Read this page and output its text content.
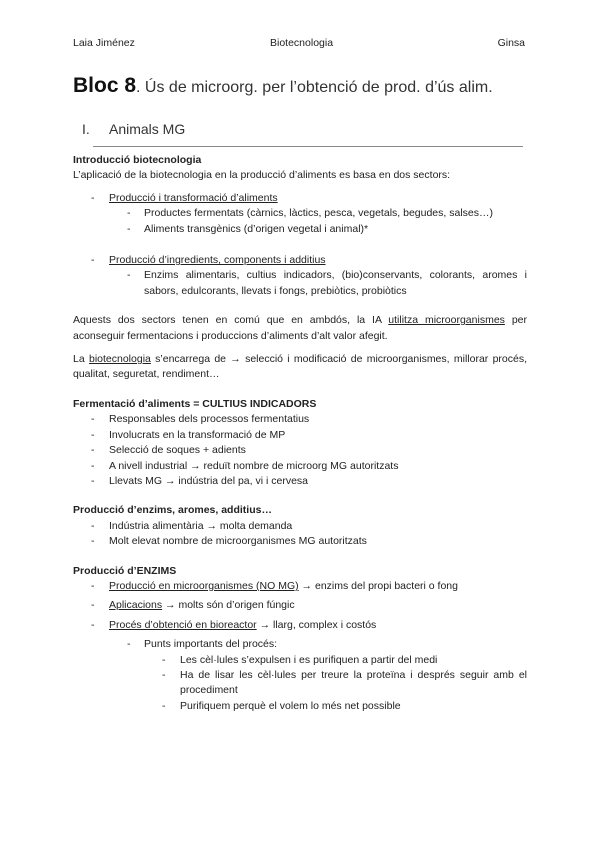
Laia Jiménez	Biotecnologia	Ginsa
Bloc 8. Ús de microorg. per l’obtenció de prod. d’ús alim.
I. Animals MG

Introducció biotecnologia

L’aplicació de la biotecnologia en la producció d’aliments es basa en dos sectors:

- Producció i transformació d’aliments
- Productes fermentats (càrnics, làctics, pesca, vegetals, begudes, salses…)
- Aliments transgènics (d’origen vegetal i animal)*
- Producció d’ingredients, components i additius
- Enzims alimentaris, cultius indicadors, (bio)conservants, colorants, aromes i sabors, edulcorants, llevats i fongs, prebiòtics, probiòtics

Aquests dos sectors tenen en comú que en ambdós, la IA utilitza microorganismes per aconseguir fermentacions i produccions d’aliments d’alt valor afegit.

La biotecnologia s’encarrega de → selecció i modificació de microorganismes, millorar procés, qualitat, seguretat, rendiment…

Fermentació d’aliments = CULTIUS INDICADORS

- Responsables dels processos fermentatius
- Involucrats en la transformació de MP
- Selecció de soques + adients
- A nivell industrial → reduït nombre de microorg MG autoritzats
- Llevats MG → indústria del pa, vi i cervesa

Producció d’enzims, aromes, additius…

- Indústria alimentària → molta demanda
- Molt elevat nombre de microorganismes MG autoritzats

Producció d’ENZIMS

- Producció en microorganismes (NO MG) → enzims del propi bacteri o fong
- Aplicacions → molts són d’origen fúngic
- Procés d’obtenció en bioreactor → llarg, complex i costós
- Punts importants del procés:
- Les cèl·lules s’expulsen i es purifiquen a partir del medi
- Ha de lisar les cèl·lules per treure la proteïna i després seguir amb el procediment
- Purifiquem perquè el volem lo més net possible
